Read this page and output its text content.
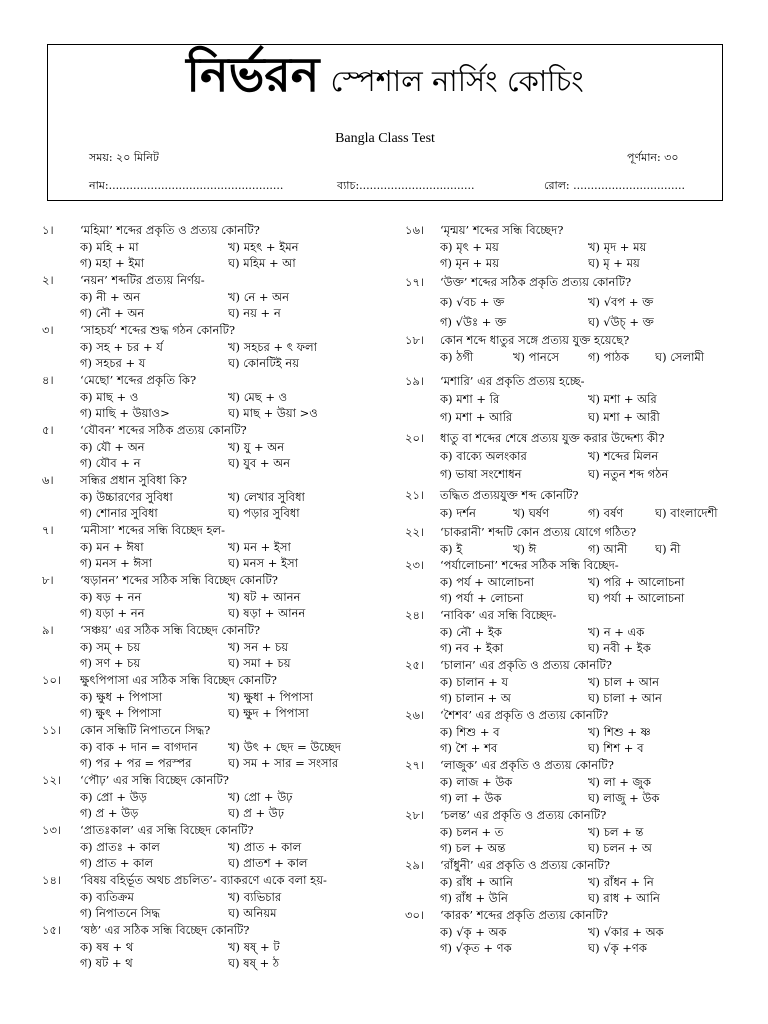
নির্ভরন স্পেশাল নার্সিং কোচিং
Bangla Class Test
সময়: ২০ মিনিট	পূর্ণমান: ৩০
নাম:..................................................	ব্যাচ:.................................	রোল: ................................
১।	‘মহিমা’ শব্দের প্রকৃতি ও প্রত্যয় কোনটি?
ক) মহি + মা	খ) মহৎ + ইমন
গ) মহা + ইমা	ঘ) মহিম + আ
২।	‘নয়ন’ শব্দটির প্রত্যয় নির্ণয়-
ক) নী + অন	খ) নে + অন
গ) নৌ + অন	ঘ) নয় + ন
৩।	‘সাহচর্য’ শব্দের শুদ্ধ গঠন কোনটি?
ক) সহ + চর + র্য	খ) সহচর + ৎ ফলা
গ) সহচর + য	ঘ) কোনটিই নয়
৪।	‘মেছো’ শব্দের প্রকৃতি কি?
ক) মাছ + ও	খ) মেছ + ও
গ) মাছি + উয়াও>	ঘ) মাছ + উয়া >ও
৫।	‘যৌবন’ শব্দের সঠিক প্রত্যয় কোনটি?
ক) যৌ + অন	খ) যু + অন
গ) যৌব + ন	ঘ) যুব + অন
৬।	সন্ধির প্রধান সুবিধা কি?
ক) উচ্চারণের সুবিধা	খ) লেখার সুবিধা
গ) শোনার সুবিধা	ঘ) পড়ার সুবিধা
৭।	‘মনীসা’ শব্দের সন্ধি বিচ্ছেদ হল-
ক) মন + ঈষা	খ) মন + ইসা
গ) মনস + ঈসা	ঘ) মনস + ইসা
৮।	‘ষড়ানন’ শব্দের সঠিক সন্ধি বিচ্ছেদ কোনটি?
ক) ষড় + নন	খ) ষট + আনন
গ) যড়া + নন	ঘ) ষড়া + আনন
৯।	‘সঞ্চয়’ এর সঠিক সন্ধি বিচ্ছেদ কোনটি?
ক) সম্ + চয়	খ) সন + চয়
গ) সণ + চয়	ঘ) সমা + চয়
১০।	ক্ষুৎপিপাসা এর সঠিক সন্ধি বিচ্ছেদ কোনটি?
ক) ক্ষুধ + পিপাসা	খ) ক্ষুধা + পিপাসা
গ) ক্ষুৎ + পিপাসা	ঘ) ক্ষুদ + পিপাসা
১১।	কোন সন্ধিটি নিপাতনে সিদ্ধ?
ক) বাক + দান = বাগদান	খ) উৎ + ছেদ = উচ্ছেদ
গ) পর + পর = পরস্পর	ঘ) সম + সার = সংসার
১২।	‘পৌঢ়’ এর সন্ধি বিচ্ছেদ কোনটি?
ক) প্রো + উড়	খ) প্রো + উঢ়
গ) প্র + উড়	ঘ) প্র + উঢ়
১৩।	‘প্রাতঃকাল’ এর সন্ধি বিচ্ছেদ কোনটি?
ক) প্রাতঃ + কাল	খ) প্রাত + কাল
গ) প্রাত + কাল	ঘ) প্রাতশ + কাল
১৪।	‘বিষয় বহির্ভূত অথচ প্রচলিত’- ব্যাকরণে একে বলা হয়-
ক) ব্যতিক্রম	খ) ব্যভিচার
গ) নিপাতনে সিদ্ধ	ঘ) অনিয়ম
১৫।	‘ষষ্ঠ’ এর সঠিক সন্ধি বিচ্ছেদ কোনটি?
ক) ষষ + থ	খ) ষষ্ + ট
গ) ষট + থ	ঘ) ষষ্ + ঠ
১৬।	‘মৃন্ময়’ শব্দের সন্ধি বিচ্ছেদ?
ক) মৃৎ + ময়	খ) মৃদ + ময়
গ) মৃন + ময়	ঘ) মৃ + ময়
১৭।	‘উক্ত’ শব্দের সঠিক প্রকৃতি প্রত্যয় কোনটি?
ক) √বচ + ক্ত	খ) √বপ + ক্ত
গ) √উঃ + ক্ত	ঘ) √উচ্ + ক্ত
১৮।	কোন শব্দে ধাতুর সঙ্গে প্রত্যয় যুক্ত হয়েছে?
ক) ঠগী	খ) পানসে	গ) পাঠক	ঘ) সেলামী
১৯।	‘মশারি’ এর প্রকৃতি প্রত্যয় হচ্ছে-
ক) মশা + রি	খ) মশা + অরি
গ) মশা + আরি	ঘ) মশা + আরী
২০।	ধাতু বা শব্দের শেষে প্রত্যয় যুক্ত করার উদ্দেশ্য কী?
ক) বাক্যে অলংকার	খ) শব্দের মিলন
গ) ভাষা সংশোধন	ঘ) নতুন শব্দ গঠন
২১।	তদ্ধিত প্রত্যয়যুক্ত শব্দ কোনটি?
ক) দর্শন	খ) ঘর্ষণ	গ) বর্ষণ	ঘ) বাংলাদেশী
২২।	‘চাকরানী’ শব্দটি কোন প্রত্যয় যোগে গঠিত?
ক) ই	খ) ঈ	গ) আনী	ঘ) নী
২৩।	‘পর্যালোচনা’ শব্দের সঠিক সন্ধি বিচ্ছেদ-
ক) পর্য + আলোচনা	খ) পরি + আলোচনা
গ) পর্যা + লোচনা	ঘ) পর্যা + আলোচনা
২৪।	‘নাবিক’ এর সন্ধি বিচ্ছেদ-
ক) নৌ + ইক	খ) ন + এক
গ) নব + ইকা	ঘ) নবী + ইক
২৫।	‘চালান’ এর প্রকৃতি ও প্রত্যয় কোনটি?
ক) চালান + য	খ) চাল + আন
গ) চালান + অ	ঘ) চালা + আন
২৬।	‘শৈশব’ এর প্রকৃতি ও প্রত্যয় কোনটি?
ক) শিশু + ব	খ) শিশু + ষ্ণ
গ) শৈ + শব	ঘ) শিশ + ব
২৭।	‘লাজুক’ এর প্রকৃতি ও প্রত্যয় কোনটি?
ক) লাজ + উক	খ) লা + জুক
গ) লা + উক	ঘ) লাজু + উক
২৮।	‘চলন্ত’ এর প্রকৃতি ও প্রত্যয় কোনটি?
ক) চলন + ত	খ) চল + ন্ত
গ) চল + অন্ত	ঘ) চলন + অ
২৯।	‘রাঁধুনী’ এর প্রকৃতি ও প্রত্যয় কোনটি?
ক) রাঁধ + আনি	খ) রাঁধন + নি
গ) রাঁধ + উনি	ঘ) রাধ + আনি
৩০।	‘কারক’ শব্দের প্রকৃতি প্রত্যয় কোনটি?
ক) √কৃ + অক	খ) √কার + অক
গ) √কৃত + ণক	ঘ) √কৃ +ণক
